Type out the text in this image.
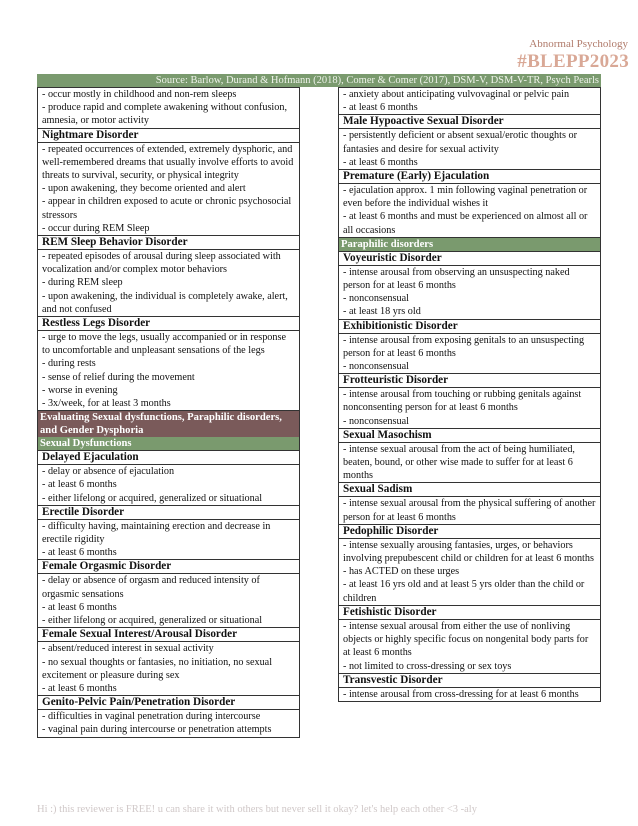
Abnormal Psychology
#BLEPP2023
Source: Barlow, Durand & Hofmann (2018), Comer & Comer (2017), DSM-V, DSM-V-TR, Psych Pearls
- occur mostly in childhood and non-rem sleeps
- produce rapid and complete awakening without confusion, amnesia, or motor activity
Nightmare Disorder
- repeated occurrences of extended, extremely dysphoric, and well-remembered dreams that usually involve efforts to avoid threats to survival, security, or physical integrity
- upon awakening, they become oriented and alert
- appear in children exposed to acute or chronic psychosocial stressors
- occur during REM Sleep
REM Sleep Behavior Disorder
- repeated episodes of arousal during sleep associated with vocalization and/or complex motor behaviors
- during REM sleep
- upon awakening, the individual is completely awake, alert, and not confused
Restless Legs Disorder
- urge to move the legs, usually accompanied or in response to uncomfortable and unpleasant sensations of the legs
- during rests
- sense of relief during the movement
- worse in evening
- 3x/week, for at least 3 months
Evaluating Sexual dysfunctions, Paraphilic disorders, and Gender Dysphoria
Sexual Dysfunctions
Delayed Ejaculation
- delay or absence of ejaculation
- at least 6 months
- either lifelong or acquired, generalized or situational
Erectile Disorder
- difficulty having, maintaining erection and decrease in erectile rigidity
- at least 6 months
Female Orgasmic Disorder
- delay or absence of orgasm and reduced intensity of orgasmic sensations
- at least 6 months
- either lifelong or acquired, generalized or situational
Female Sexual Interest/Arousal Disorder
- absent/reduced interest in sexual activity
- no sexual thoughts or fantasies, no initiation, no sexual excitement or pleasure during sex
- at least 6 months
Genito-Pelvic Pain/Penetration Disorder
- difficulties in vaginal penetration during intercourse
- vaginal pain during intercourse or penetration attempts
- anxiety about anticipating vulvovaginal or pelvic pain
- at least 6 months
Male Hypoactive Sexual Disorder
- persistently deficient or absent sexual/erotic thoughts or fantasies and desire for sexual activity
- at least 6 months
Premature (Early) Ejaculation
- ejaculation approx. 1 min following vaginal penetration or even before the individual wishes it
- at least 6 months and must be experienced on almost all or all occasions
Paraphilic disorders
Voyeuristic Disorder
- intense arousal from observing an unsuspecting naked person for at least 6 months
- nonconsensual
- at least 18 yrs old
Exhibitionistic Disorder
- intense arousal from exposing genitals to an unsuspecting person for at least 6 months
- nonconsensual
Frotteuristic Disorder
- intense arousal from touching or rubbing genitals against nonconsenting person for at least 6 months
- nonconsensual
Sexual Masochism
- intense sexual arousal from the act of being humiliated, beaten, bound, or other wise made to suffer for at least 6 months
Sexual Sadism
- intense sexual arousal from the physical suffering of another person for at least 6 months
Pedophilic Disorder
- intense sexually arousing fantasies, urges, or behaviors involving prepubescent child or children for at least 6 months
- has ACTED on these urges
- at least 16 yrs old and at least 5 yrs older than the child or children
Fetishistic Disorder
- intense sexual arousal from either the use of nonliving objects or highly specific focus on nongenital body parts for at least 6 months
- not limited to cross-dressing or sex toys
Transvestic Disorder
- intense arousal from cross-dressing for at least 6 months
Hi :) this reviewer is FREE! u can share it with others but never sell it okay? let's help each other <3 -aly
